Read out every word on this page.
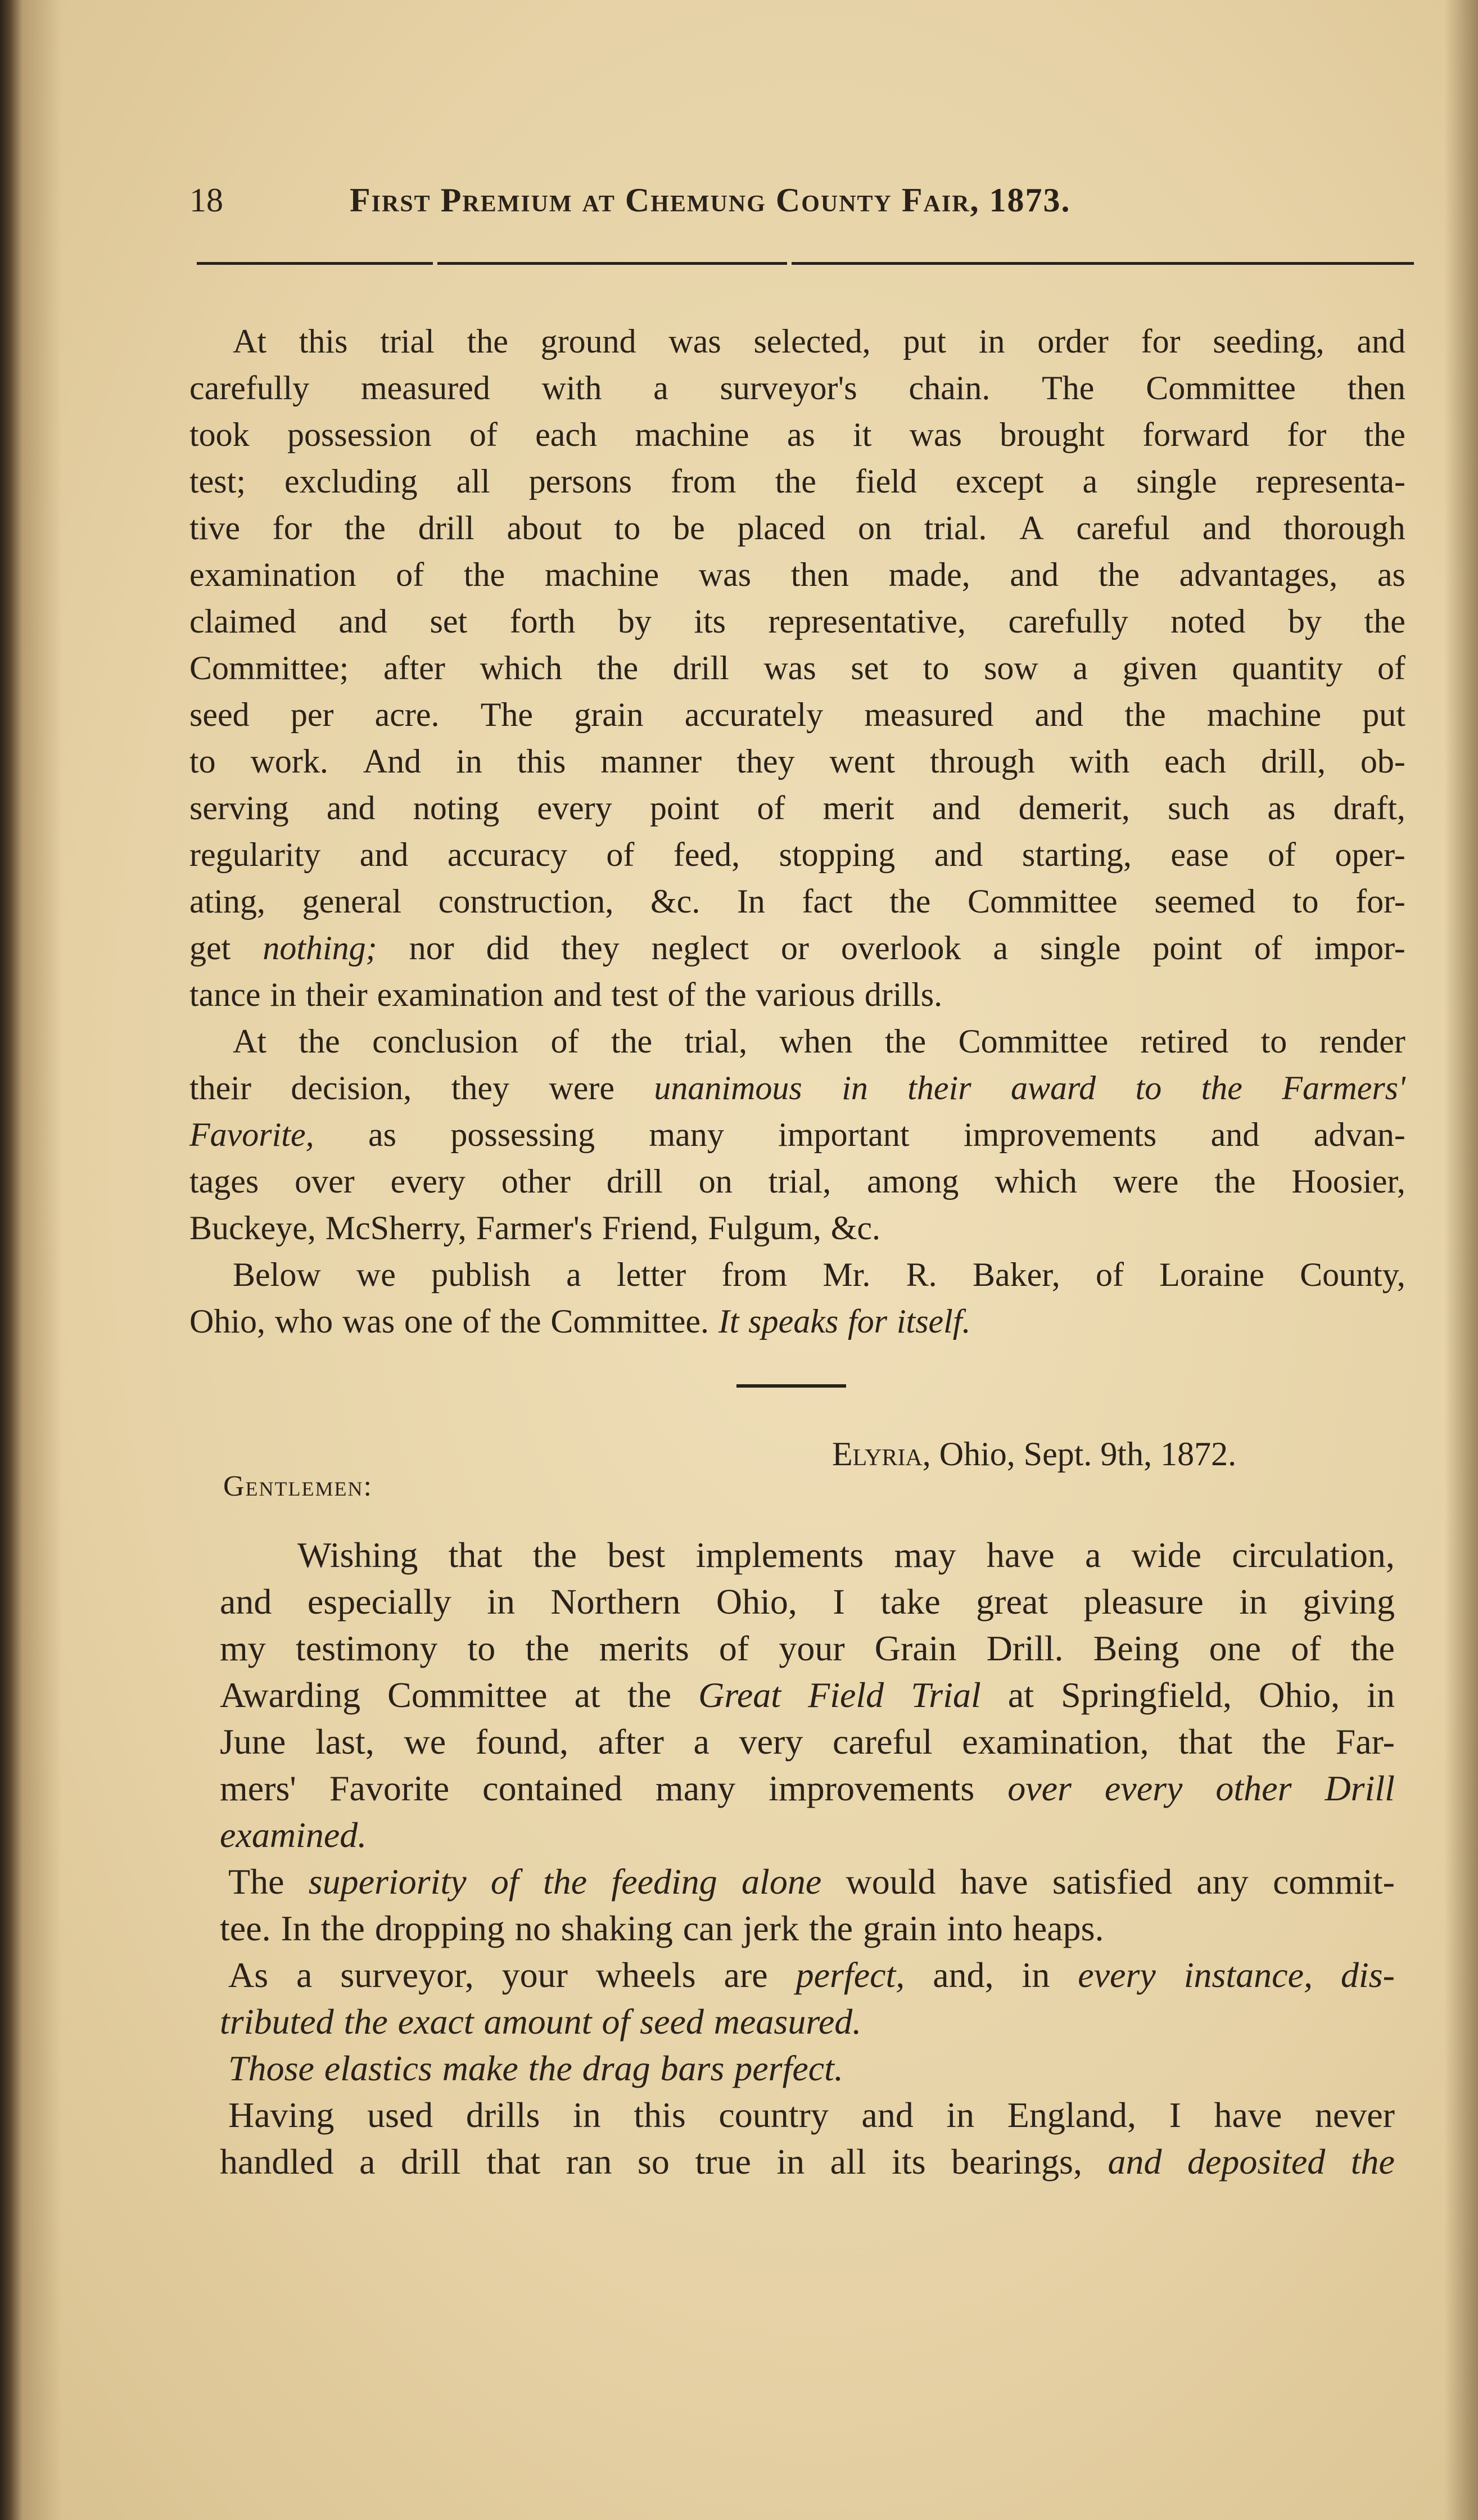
18	First Premium at Chemung County Fair, 1873.
At this trial the ground was selected, put in order for seeding, and
carefully measured with a surveyor's chain. The Committee then
took possession of each machine as it was brought forward for the
test; excluding all persons from the field except a single representa-
tive for the drill about to be placed on trial. A careful and thorough
examination of the machine was then made, and the advantages, as
claimed and set forth by its representative, carefully noted by the
Committee; after which the drill was set to sow a given quantity of
seed per acre. The grain accurately measured and the machine put
to work. And in this manner they went through with each drill, ob-
serving and noting every point of merit and demerit, such as draft,
regularity and accuracy of feed, stopping and starting, ease of oper-
ating, general construction, &c. In fact the Committee seemed to for-
get nothing; nor did they neglect or overlook a single point of impor-
tance in their examination and test of the various drills.
At the conclusion of the trial, when the Committee retired to render
their decision, they were unanimous in their award to the Farmers'
Favorite, as possessing many important improvements and advan-
tages over every other drill on trial, among which were the Hoosier,
Buckeye, McSherry, Farmer's Friend, Fulgum, &c.
Below we publish a letter from Mr. R. Baker, of Loraine County,
Ohio, who was one of the Committee. It speaks for itself.
Elyria, Ohio, Sept. 9th, 1872.
Gentlemen:
Wishing that the best implements may have a wide circulation,
and especially in Northern Ohio, I take great pleasure in giving
my testimony to the merits of your Grain Drill. Being one of the
Awarding Committee at the Great Field Trial at Springfield, Ohio, in
June last, we found, after a very careful examination, that the Far-
mers' Favorite contained many improvements over every other Drill
examined.
The superiority of the feeding alone would have satisfied any commit-
tee. In the dropping no shaking can jerk the grain into heaps.
As a surveyor, your wheels are perfect, and, in every instance, dis-
tributed the exact amount of seed measured.
Those elastics make the drag bars perfect.
Having used drills in this country and in England, I have never
handled a drill that ran so true in all its bearings, and deposited the
